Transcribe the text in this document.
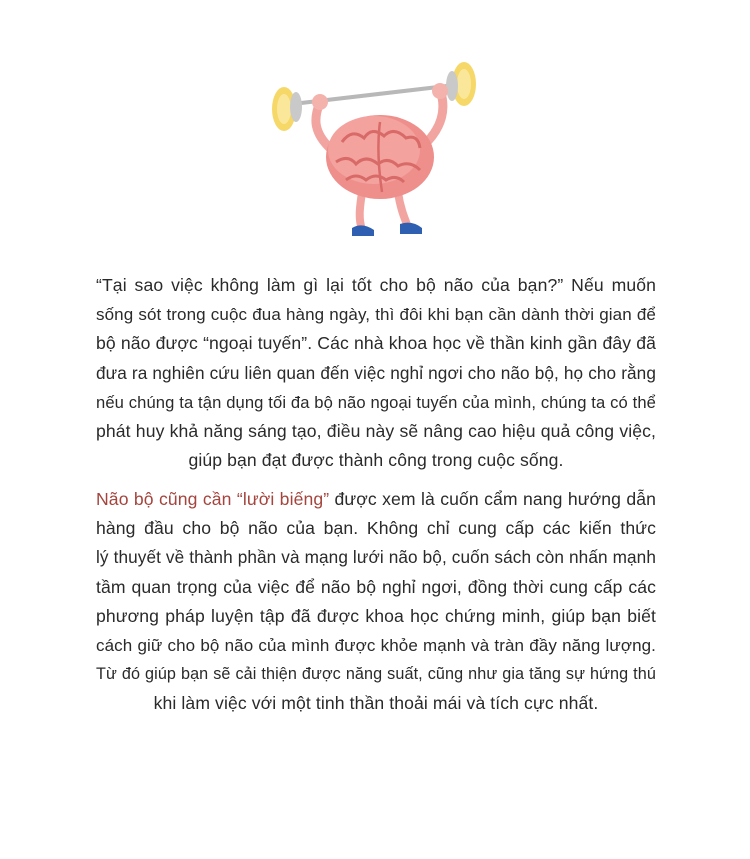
“Tại sao việc không làm gì lại tốt cho bộ não của bạn?” Nếu muốn
sống sót trong cuộc đua hàng ngày, thì đôi khi bạn cần dành thời gian để
bộ não được “ngoại tuyến”. Các nhà khoa học về thần kinh gần đây đã
đưa ra nghiên cứu liên quan đến việc nghỉ ngơi cho não bộ, họ cho rằng
nếu chúng ta tận dụng tối đa bộ não ngoại tuyến của mình, chúng ta có thể
phát huy khả năng sáng tạo, điều này sẽ nâng cao hiệu quả công việc,
giúp bạn đạt được thành công trong cuộc sống.
Não bộ cũng cần “lười biếng” được xem là cuốn cẩm nang hướng dẫn
hàng đầu cho bộ não của bạn. Không chỉ cung cấp các kiến thức
lý thuyết về thành phần và mạng lưới não bộ, cuốn sách còn nhấn mạnh
tầm quan trọng của việc để não bộ nghỉ ngơi, đồng thời cung cấp các
phương pháp luyện tập đã được khoa học chứng minh, giúp bạn biết
cách giữ cho bộ não của mình được khỏe mạnh và tràn đầy năng lượng.
Từ đó giúp bạn sẽ cải thiện được năng suất, cũng như gia tăng sự hứng thú
khi làm việc với một tinh thần thoải mái và tích cực nhất.
